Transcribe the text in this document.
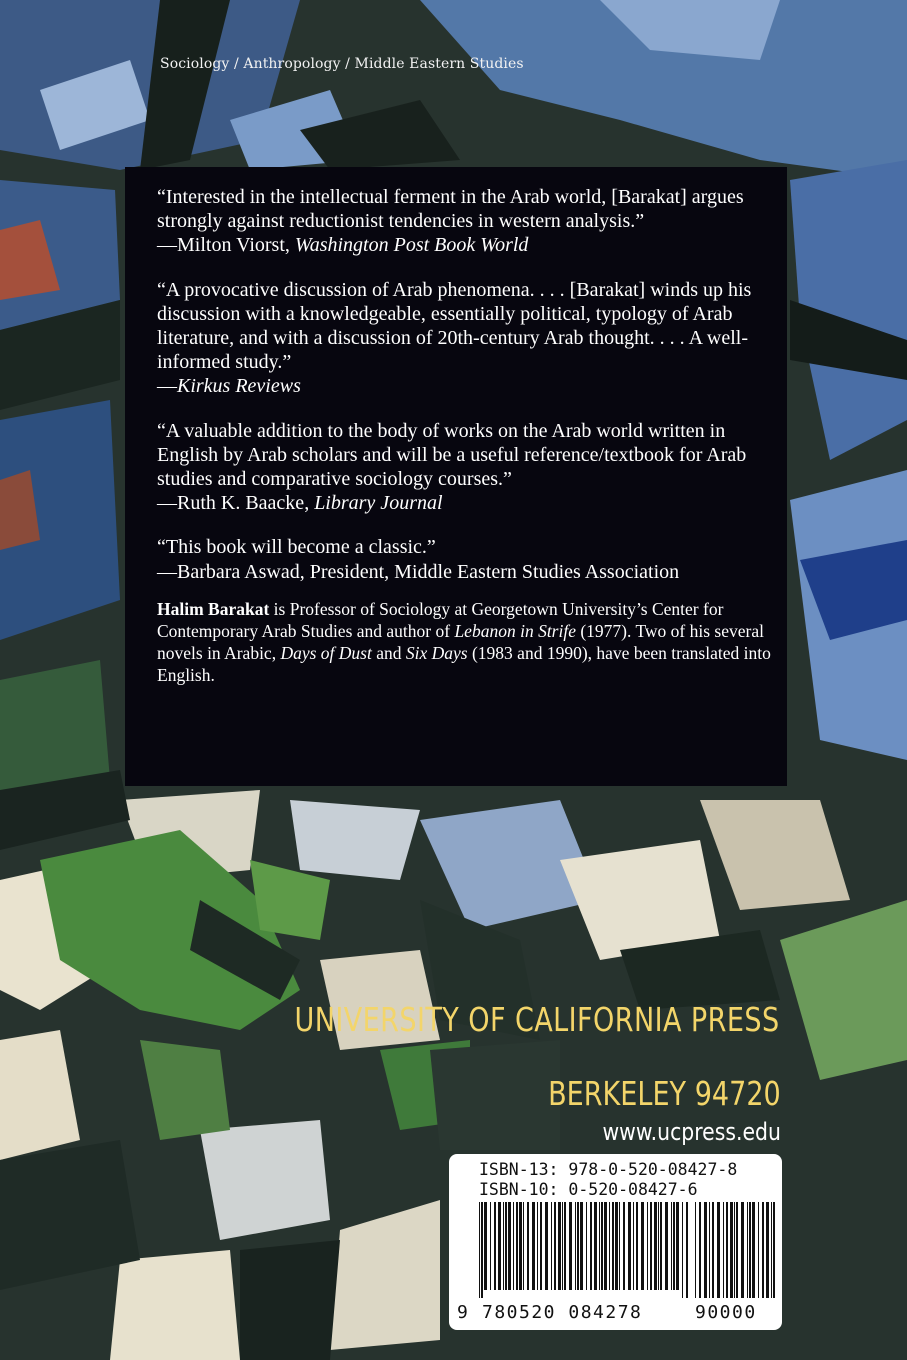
Sociology / Anthropology / Middle Eastern Studies

“Interested in the intellectual ferment in the Arab world, [Barakat] argues strongly against reductionist tendencies in western analysis.”
—Milton Viorst, Washington Post Book World

“A provocative discussion of Arab phenomena. . . . [Barakat] winds up his discussion with a knowledgeable, essentially political, typology of Arab literature, and with a discussion of 20th-century Arab thought. . . . A well-informed study.”
—Kirkus Reviews

“A valuable addition to the body of works on the Arab world written in English by Arab scholars and will be a useful reference/textbook for Arab studies and comparative sociology courses.”
—Ruth K. Baacke, Library Journal

“This book will become a classic.”
—Barbara Aswad, President, Middle Eastern Studies Association

Halim Barakat is Professor of Sociology at Georgetown University’s Center for Contemporary Arab Studies and author of Lebanon in Strife (1977). Two of his several novels in Arabic, Days of Dust and Six Days (1983 and 1990), have been translated into English.

UNIVERSITY OF CALIFORNIA PRESS
BERKELEY 94720
www.ucpress.edu
ISBN-13: 978-0-520-08427-8
ISBN-10: 0-520-08427-6
9 780520 084278	90000
